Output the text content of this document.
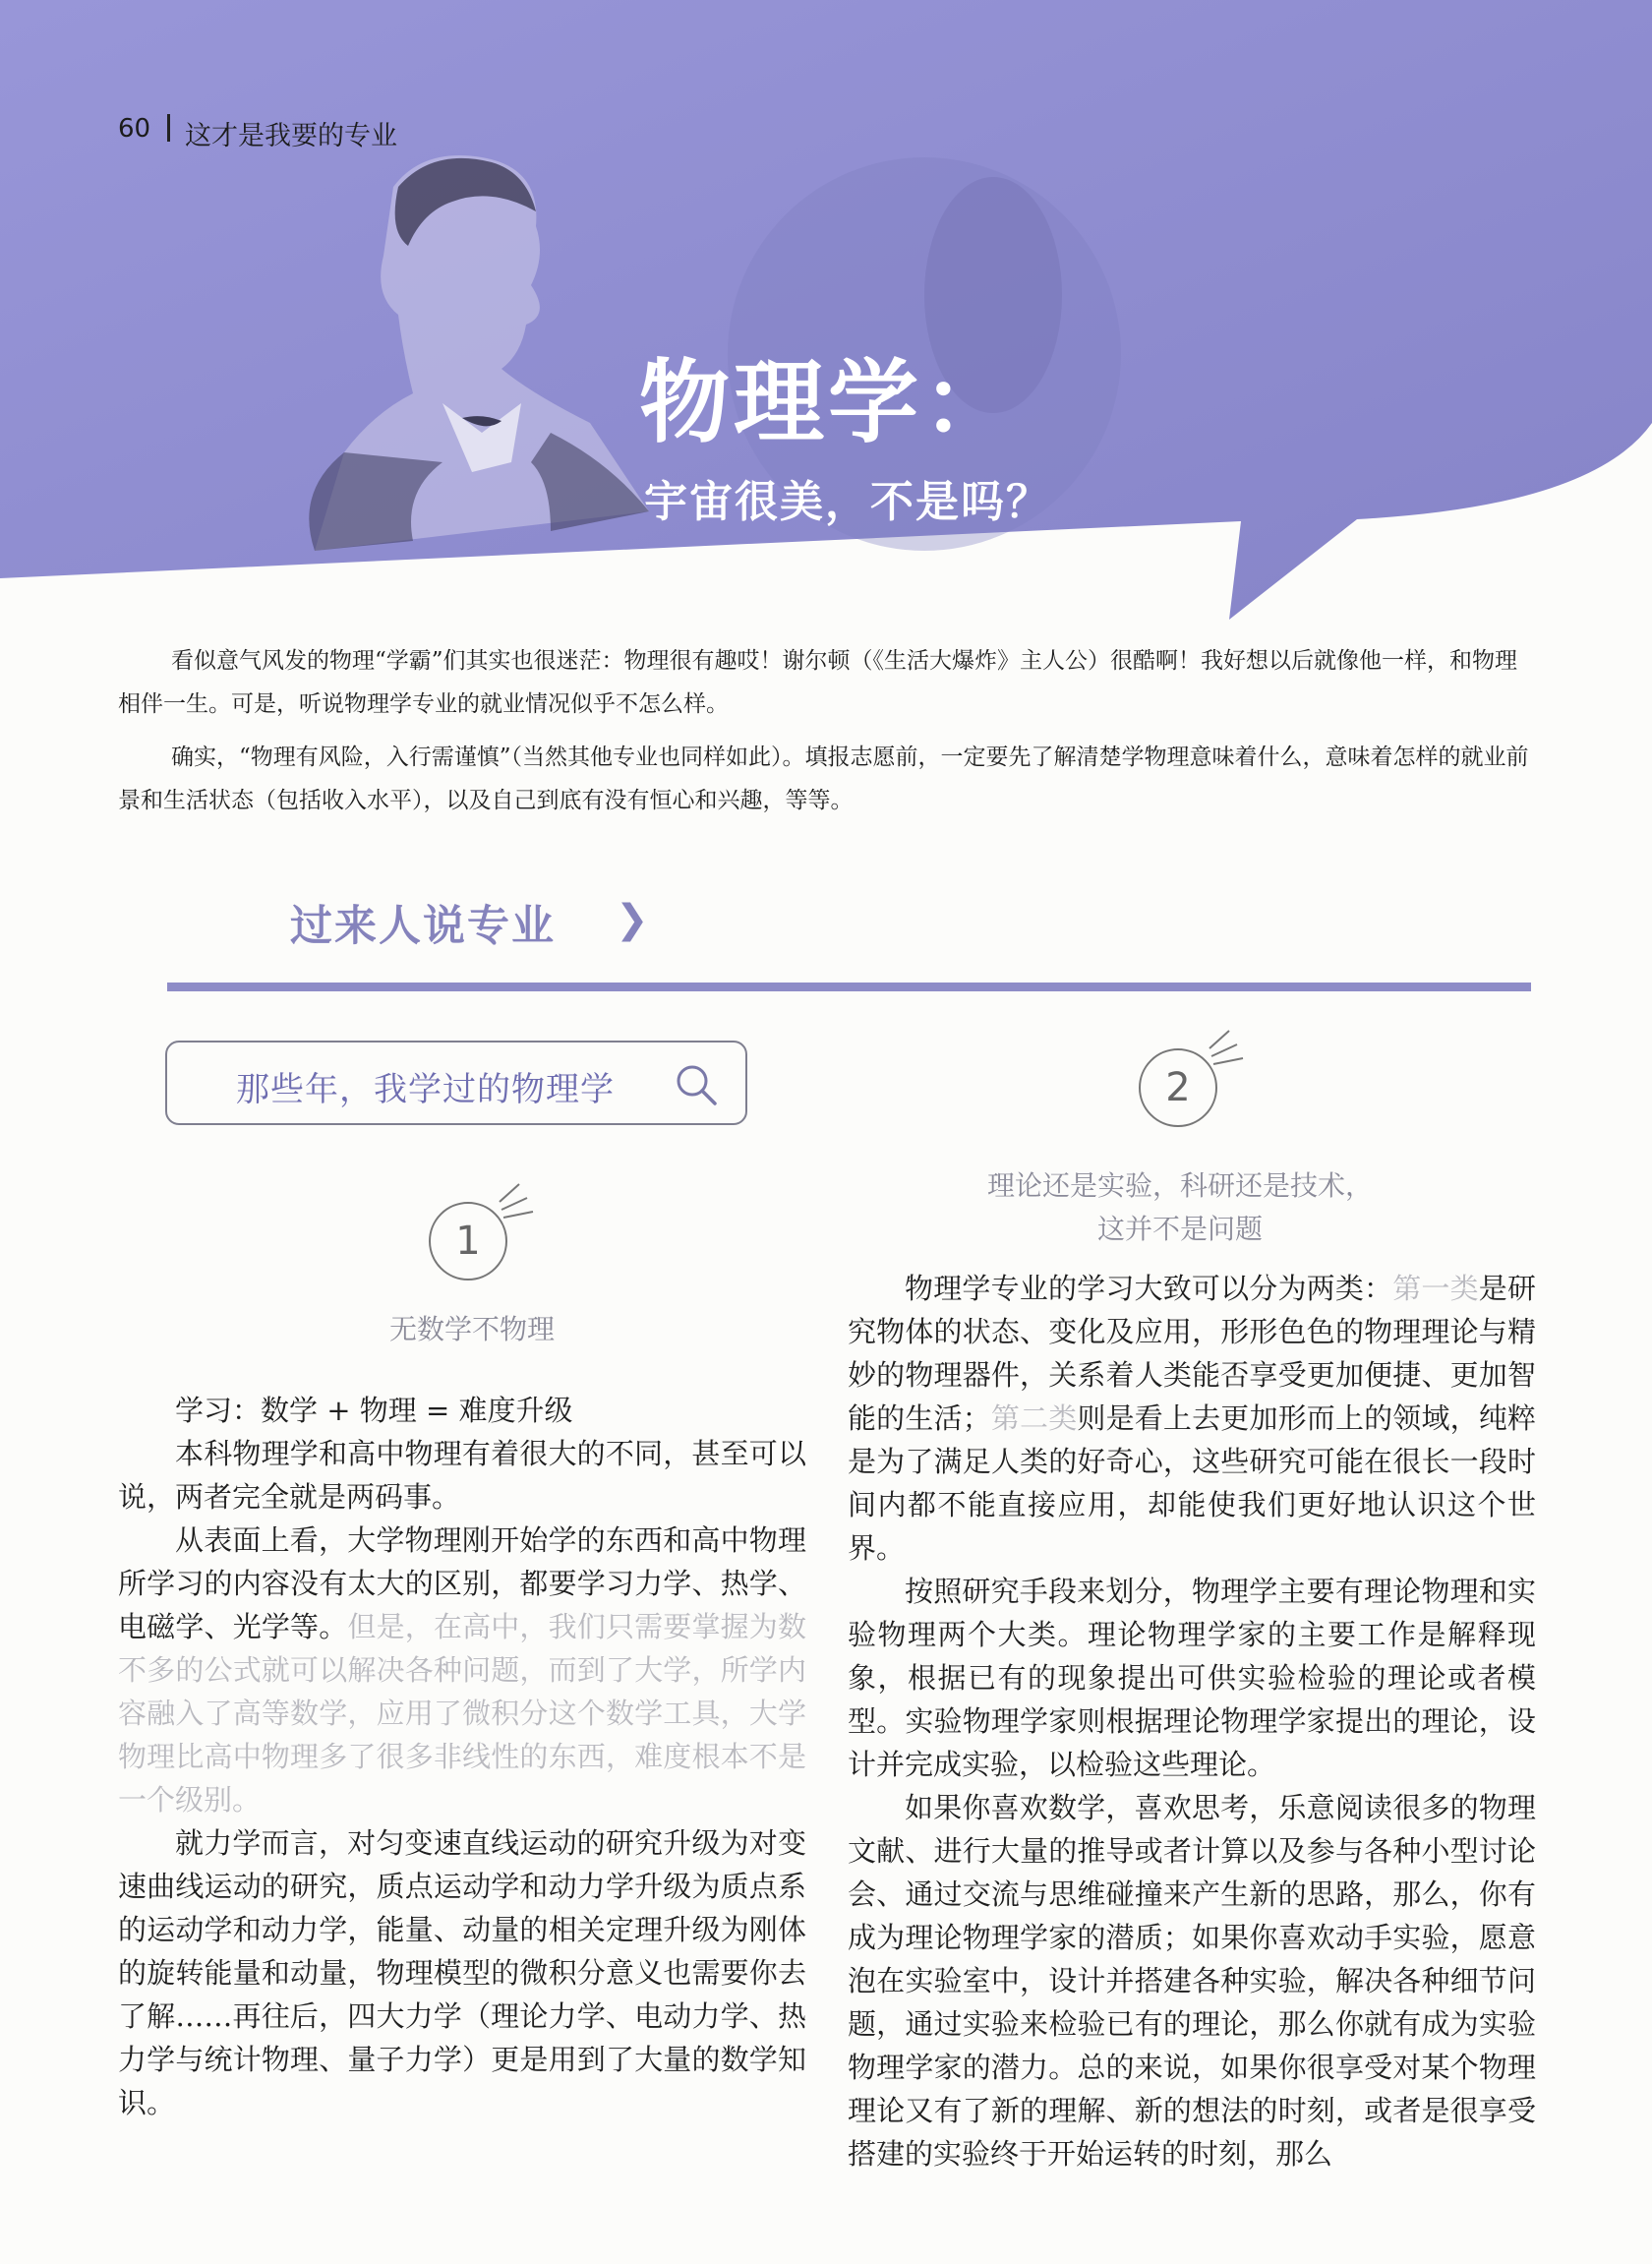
60 这才是我要的专业
物理学：
宇宙很美，不是吗？

看似意气风发的物理“学霸”们其实也很迷茫：物理很有趣哎！谢尔顿（《生活大爆炸》主人公）很酷啊！我好想以后就像他一样，和物理相伴一生。可是，听说物理学专业的就业情况似乎不怎么样。

确实，“物理有风险，入行需谨慎”（当然其他专业也同样如此）。填报志愿前，一定要先了解清楚学物理意味着什么，意味着怎样的就业前景和生活状态（包括收入水平），以及自己到底有没有恒心和兴趣，等等。

过来人说专业 ❯
那些年，我学过的物理学
1
无数学不物理
2
理论还是实验，科研还是技术，
这并不是问题

学习：数学 + 物理 = 难度升级

本科物理学和高中物理有着很大的不同，甚至可以说，两者完全就是两码事。

从表面上看，大学物理刚开始学的东西和高中物理所学习的内容没有太大的区别，都要学习力学、热学、电磁学、光学等。但是，在高中，我们只需要掌握为数不多的公式就可以解决各种问题，而到了大学，所学内容融入了高等数学，应用了微积分这个数学工具，大学物理比高中物理多了很多非线性的东西，难度根本不是一个级别。

就力学而言，对匀变速直线运动的研究升级为对变速曲线运动的研究，质点运动学和动力学升级为质点系的运动学和动力学，能量、动量的相关定理升级为刚体的旋转能量和动量，物理模型的微积分意义也需要你去了解……再往后，四大力学（理论力学、电动力学、热力学与统计物理、量子力学）更是用到了大量的数学知识。

物理学专业的学习大致可以分为两类：第一类是研究物体的状态、变化及应用，形形色色的物理理论与精妙的物理器件，关系着人类能否享受更加便捷、更加智能的生活；第二类则是看上去更加形而上的领域，纯粹是为了满足人类的好奇心，这些研究可能在很长一段时间内都不能直接应用，却能使我们更好地认识这个世界。

按照研究手段来划分，物理学主要有理论物理和实验物理两个大类。理论物理学家的主要工作是解释现象，根据已有的现象提出可供实验检验的理论或者模型。实验物理学家则根据理论物理学家提出的理论，设计并完成实验，以检验这些理论。

如果你喜欢数学，喜欢思考，乐意阅读很多的物理文献、进行大量的推导或者计算以及参与各种小型讨论会、通过交流与思维碰撞来产生新的思路，那么，你有成为理论物理学家的潜质；如果你喜欢动手实验，愿意泡在实验室中，设计并搭建各种实验，解决各种细节问题，通过实验来检验已有的理论，那么你就有成为实验物理学家的潜力。总的来说，如果你很享受对某个物理理论又有了新的理解、新的想法的时刻，或者是很享受搭建的实验终于开始运转的时刻，那么
